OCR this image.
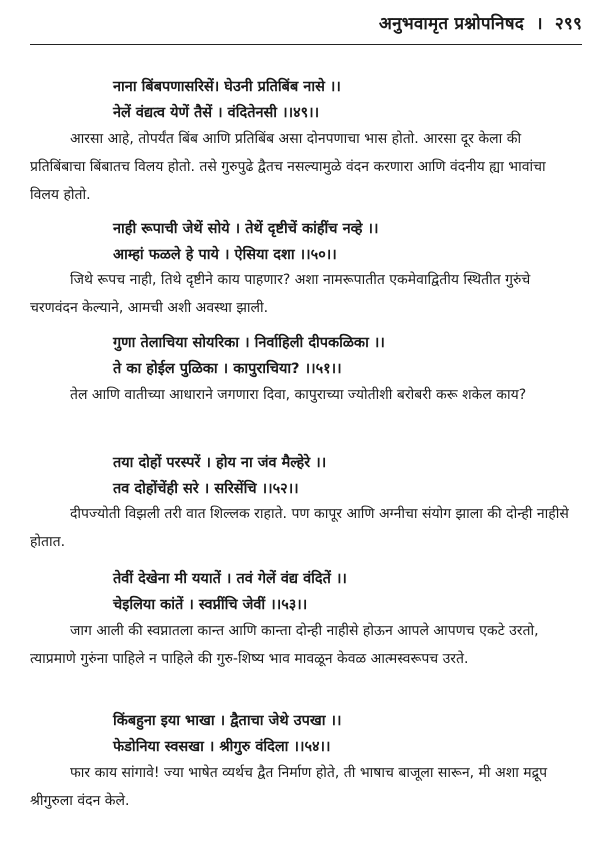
अनुभवामृत प्रश्नोपनिषद । २९९
नाना बिंबपणासरिसें। घेउनी प्रतिबिंब नासे ।।
नेलें वंद्यत्व येणें तैसें । वंदितेनसी ।।४९।।

आरसा आहे, तोपर्यंत बिंब आणि प्रतिबिंब असा दोनपणाचा भास होतो. आरसा दूर केला की प्रतिबिंबाचा बिंबातच विलय होतो. तसे गुरुपुढे द्वैतच नसल्यामुळे वंदन करणारा आणि वंदनीय ह्या भावांचा विलय होतो.

नाही रूपाची जेथें सोये । तेथें दृष्टीचें कांहींच नव्हे ।।
आम्हां फळले हे पाये । ऐसिया दशा ।।५०।।

जिथे रूपच नाही, तिथे दृष्टीने काय पाहणार? अशा नामरूपातीत एकमेवाद्वितीय स्थितीत गुरुंचे चरणवंदन केल्याने, आमची अशी अवस्था झाली.

गुणा तेलाचिया सोयरिका । निर्वाहिली दीपकळिका ।।
ते का होईल पुळिका । कापुराचिया? ।।५१।।

तेल आणि वातीच्या आधाराने जगणारा दिवा, कापुराच्या ज्योतीशी बरोबरी करू शकेल काय?

तया दोहों परस्परें । होय ना जंव मैल्हेरे ।।
तव दोहोंचेंही सरे । सरिसेंचि ।।५२।।

दीपज्योती विझली तरी वात शिल्लक राहाते. पण कापूर आणि अग्नीचा संयोग झाला की दोन्ही नाहीसे होतात.

तेवीं देखेना मी ययातें । तवं गेलें वंद्य वंदितें ।।
चेइलिया कांतें । स्वप्नींचि जेवीं ।।५३।।

जाग आली की स्वप्नातला कान्त आणि कान्ता दोन्ही नाहीसे होऊन आपले आपणच एकटे उरतो, त्याप्रमाणे गुरुंना पाहिले न पाहिले की गुरु-शिष्य भाव मावळून केवळ आत्मस्वरूपच उरते.

किंबहुना इया भाखा । द्वैताचा जेथे उपखा ।।
फेडोनिया स्वसखा । श्रीगुरु वंदिला ।।५४।।

फार काय सांगावे! ज्या भाषेत व्यर्थच द्वैत निर्माण होते, ती भाषाच बाजूला सारून, मी अशा मद्रूप श्रीगुरुला वंदन केले.
